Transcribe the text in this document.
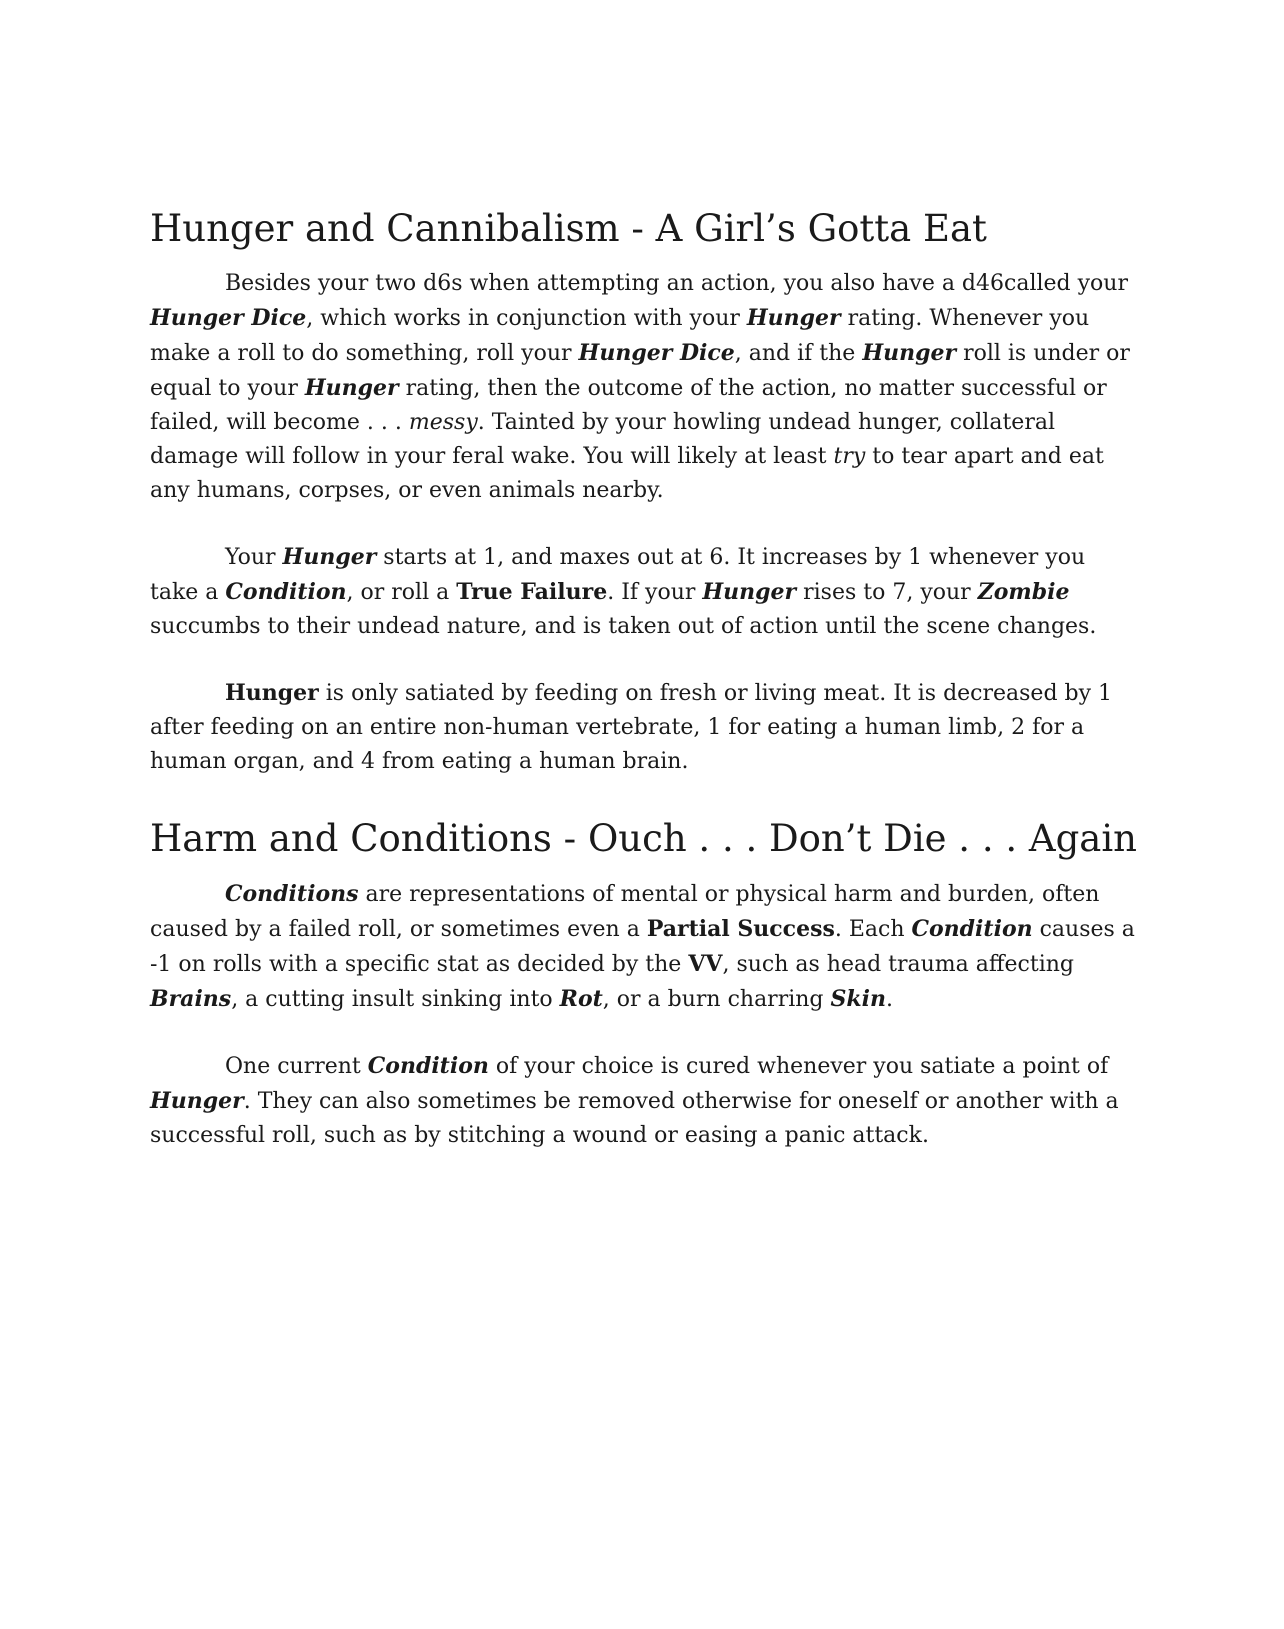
Hunger and Cannibalism - A Girl’s Gotta Eat

Besides your two d6s when attempting an action, you also have a d46called your Hunger Dice, which works in conjunction with your Hunger rating. Whenever you make a roll to do something, roll your Hunger Dice, and if the Hunger roll is under or equal to your Hunger rating, then the outcome of the action, no matter successful or failed, will become . . . messy. Tainted by your howling undead hunger, collateral damage will follow in your feral wake. You will likely at least try to tear apart and eat any humans, corpses, or even animals nearby.

Your Hunger starts at 1, and maxes out at 6. It increases by 1 whenever you take a Condition, or roll a True Failure. If your Hunger rises to 7, your Zombie succumbs to their undead nature, and is taken out of action until the scene changes.

Hunger is only satiated by feeding on fresh or living meat. It is decreased by 1 after feeding on an entire non-human vertebrate, 1 for eating a human limb, 2 for a human organ, and 4 from eating a human brain.

Harm and Conditions - Ouch . . . Don’t Die . . . Again

Conditions are representations of mental or physical harm and burden, often caused by a failed roll, or sometimes even a Partial Success. Each Condition causes a -1 on rolls with a specific stat as decided by the VV, such as head trauma affecting Brains, a cutting insult sinking into Rot, or a burn charring Skin.

One current Condition of your choice is cured whenever you satiate a point of Hunger. They can also sometimes be removed otherwise for oneself or another with a successful roll, such as by stitching a wound or easing a panic attack.
